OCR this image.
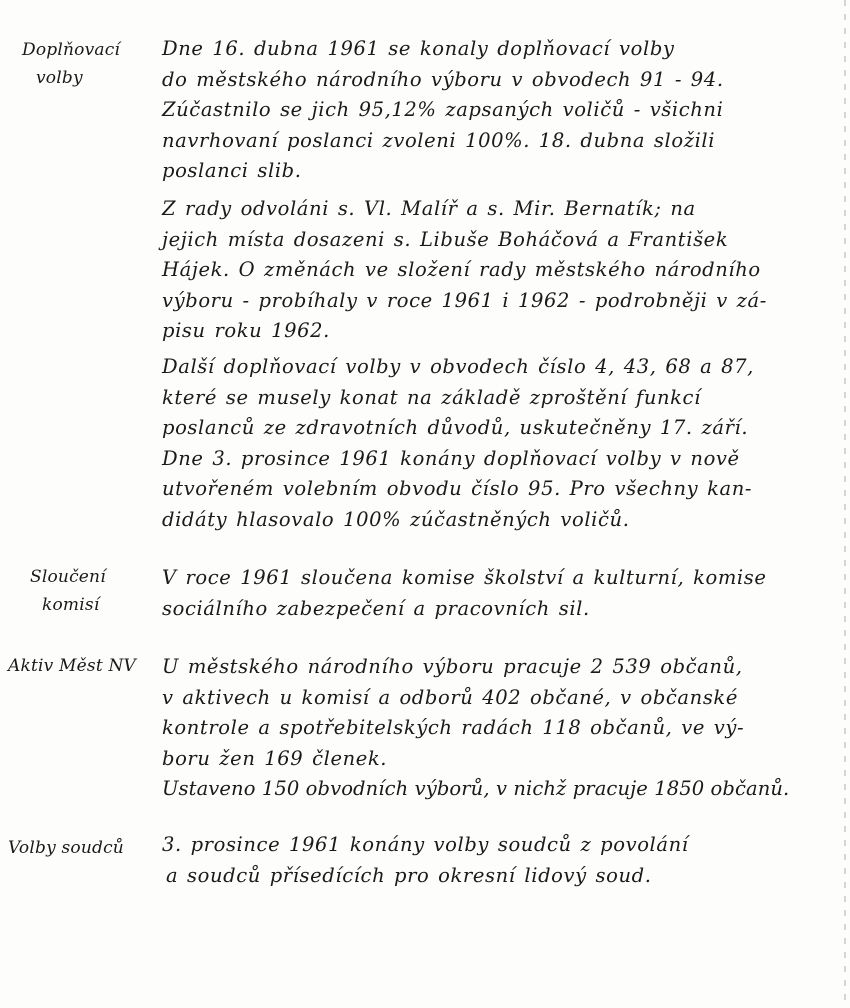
Doplňovací
volby
Dne 16. dubna 1961 se konaly doplňovací volby
do městského národního výboru v obvodech 91 - 94.
Zúčastnilo se jich 95,12% zapsaných voličů - všichni
navrhovaní poslanci zvoleni 100%. 18. dubna složili
poslanci slib.
Z rady odvoláni s. Vl. Malíř a s. Mir. Bernatík; na
jejich místa dosazeni s. Libuše Boháčová a František
Hájek. O změnách ve složení rady městského národního
výboru - probíhaly v roce 1961 i 1962 - podrobněji v zá-
pisu roku 1962.
Další doplňovací volby v obvodech číslo 4, 43, 68 a 87,
které se musely konat na základě zproštění funkcí
poslanců ze zdravotních důvodů, uskutečněny 17. září.
Dne 3. prosince 1961 konány doplňovací volby v nově
utvořeném volebním obvodu číslo 95. Pro všechny kan-
didáty hlasovalo 100% zúčastněných voličů.
Sloučení
komisí
V roce 1961 sloučena komise školství a kulturní, komise
sociálního zabezpečení a pracovních sil.
Aktiv Měst NV U městského národního výboru pracuje 2 539 občanů,
v aktivech u komisí a odborů 402 občané, v občanské
kontrole a spotřebitelských radách 118 občanů, ve vý-
boru žen 169 členek.
Ustaveno 150 obvodních výborů, v nichž pracuje 1850 občanů.
Volby soudců 3. prosince 1961 konány volby soudců z povolání
a soudců přísedících pro okresní lidový soud.
